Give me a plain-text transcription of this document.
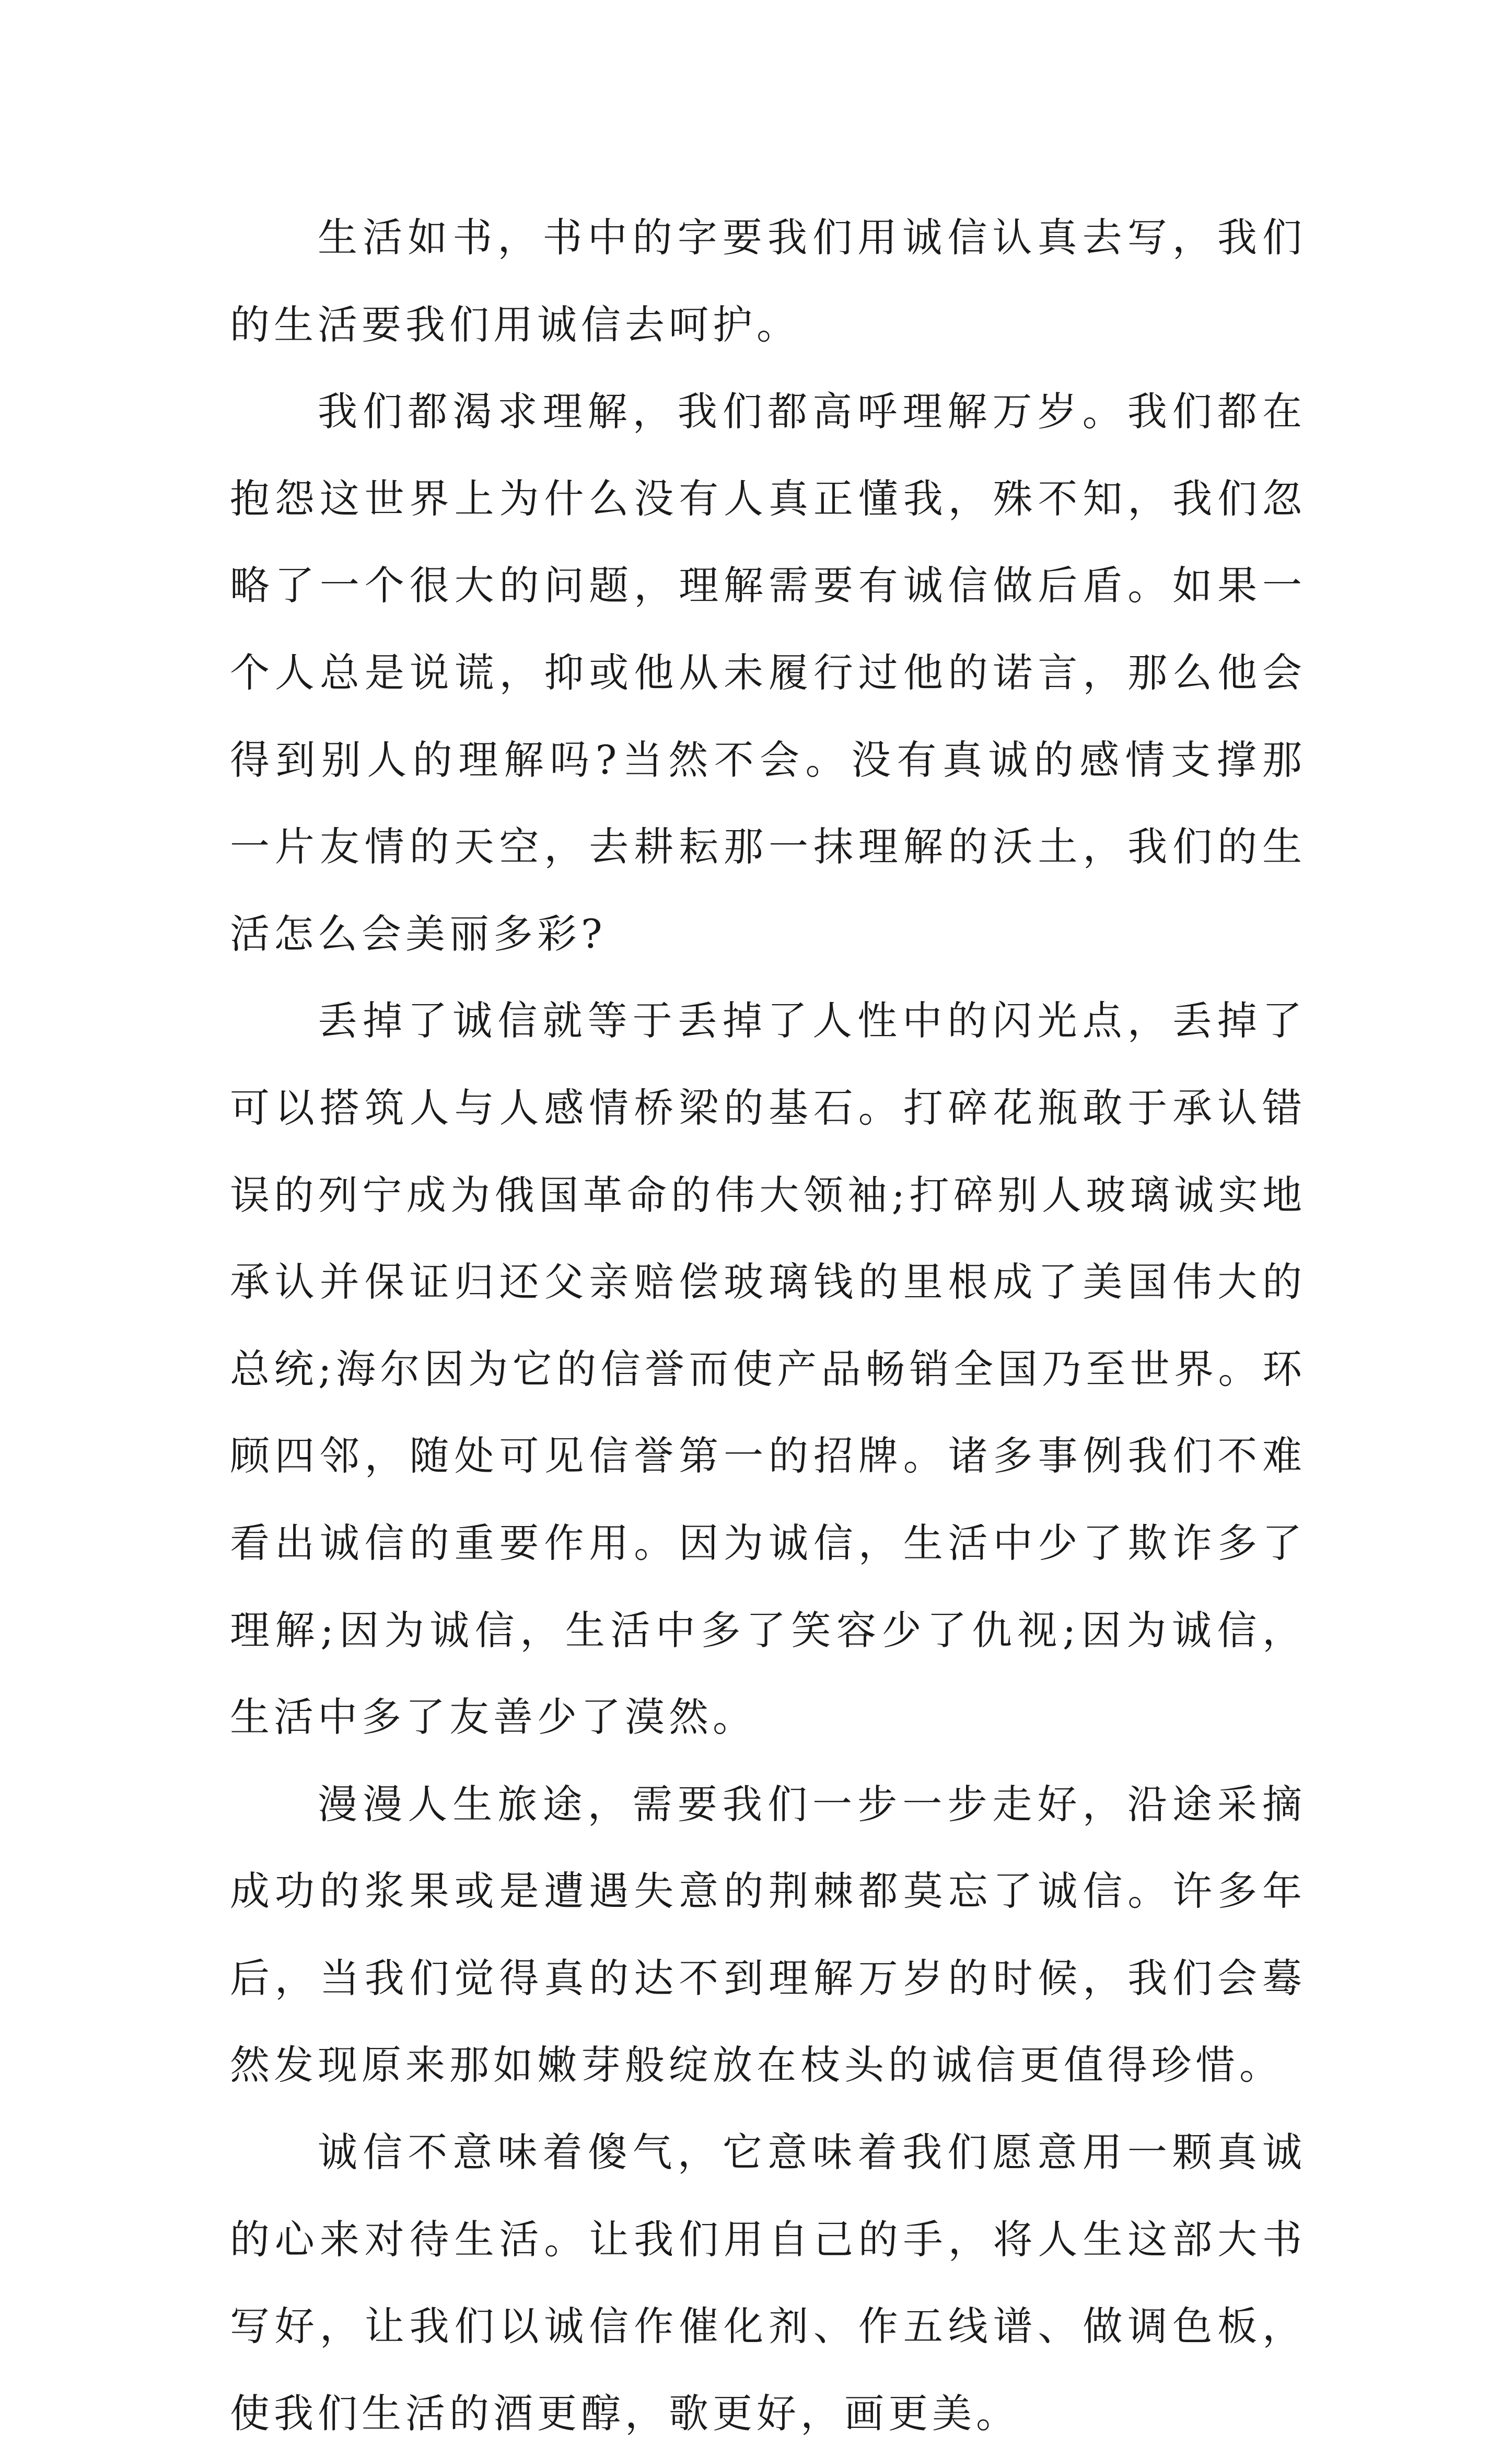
生活如书，书中的字要我们用诚信认真去写，我们的生活要我们用诚信去呵护。

我们都渴求理解，我们都高呼理解万岁。我们都在抱怨这世界上为什么没有人真正懂我，殊不知，我们忽略了一个很大的问题，理解需要有诚信做后盾。如果一个人总是说谎，抑或他从未履行过他的诺言，那么他会得到别人的理解吗?当然不会。没有真诚的感情支撑那一片友情的天空，去耕耘那一抹理解的沃土，我们的生活怎么会美丽多彩?

丢掉了诚信就等于丢掉了人性中的闪光点，丢掉了可以搭筑人与人感情桥梁的基石。打碎花瓶敢于承认错误的列宁成为俄国革命的伟大领袖;打碎别人玻璃诚实地承认并保证归还父亲赔偿玻璃钱的里根成了美国伟大的总统;海尔因为它的信誉而使产品畅销全国乃至世界。环顾四邻，随处可见信誉第一的招牌。诸多事例我们不难看出诚信的重要作用。因为诚信，生活中少了欺诈多了理解;因为诚信，生活中多了笑容少了仇视;因为诚信，生活中多了友善少了漠然。

漫漫人生旅途，需要我们一步一步走好，沿途采摘成功的浆果或是遭遇失意的荆棘都莫忘了诚信。许多年后，当我们觉得真的达不到理解万岁的时候，我们会蓦然发现原来那如嫩芽般绽放在枝头的诚信更值得珍惜。

诚信不意味着傻气，它意味着我们愿意用一颗真诚的心来对待生活。让我们用自己的手，将人生这部大书写好，让我们以诚信作催化剂、作五线谱、做调色板，使我们生活的酒更醇，歌更好，画更美。
